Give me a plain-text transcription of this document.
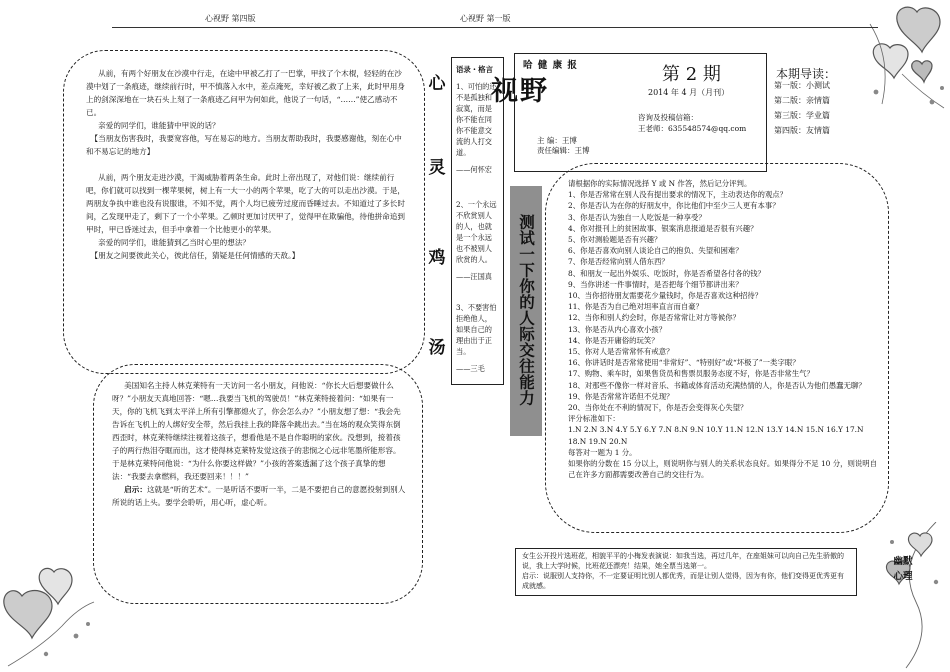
心视野 第四版	心视野 第一版

从前，有两个好朋友在沙漠中行走，在途中甲被乙打了一巴掌，甲找了个木棍，轻轻的在沙漠中划了一条痕迹，继续前行时，甲不慎落入水中，差点淹死，幸好被乙救了上来，此时甲用身上的剑深深地在一块石头上刻了一条痕迹乙问甲为何如此，他说了一句话，“……”使乙感动不已。

亲爱的同学们，谁能猜中甲说的话？

【当朋友伤害我时，我要宽容他，写在易忘的地方。当朋友帮助我时，我要感谢他，刻在心中和不易忘记的地方】

从前，两个朋友走进沙漠，干渴威胁着两条生命。此时上帝出现了，对他们说：继续前行吧，你们就可以找到一棵苹果树，树上有一大一小的两个苹果，吃了大的可以走出沙漠。于是，两朋友争执中谁也没有说服谁，不知不觉，两个人均已疲劳过度而昏睡过去。不知道过了多长时间，乙发现甲走了，剩下了一个小苹果。乙顿时更加讨厌甲了，觉得甲在欺骗他，待他拼命追到甲时，甲已昏迷过去，但手中拿着一个比他更小的苹果。

亲爱的同学们，谁能猜到乙当时心里的想法？

【朋友之间要彼此关心，彼此信任，猜疑是任何情感的天敌。】

美国知名主持人林克莱特有一天访问一名小朋友，问他说：“你长大后想要做什么呀？”小朋友天真地回答：“嗯…我要当飞机的驾驶员！”林克莱特接着问：“如果有一天，你的飞机飞到太平洋上所有引擎都熄火了，你会怎么办？”小朋友想了想：“我会先告诉在飞机上的人绑好安全带，然后我挂上我的降落伞跳出去。”当在场的观众笑得东倒西歪时，林克莱特继续注视着这孩子，想看他是不是自作聪明的家伙。没想到，接着孩子的两行热泪夺眶而出，这才使得林克莱特发觉这孩子的悲悯之心远非笔墨所能形容。于是林克莱特问他说：“为什么你要这样做？”小孩的答案透漏了这个孩子真挚的想法：“我要去拿燃料，我还要回来！！！”

启示：这就是“听的艺术”。一是听话不要听一半，二是不要把自己的意愿投射到别人所说的话上头。要学会聆听，用心听，虚心听。

心
灵
鸡
汤

语录・格言

1、可怕的还不是孤独和寂寞，而是你不能在同你不能意交流的人打交道。

——何怀宏

2、一个永远不欣赏别人的人，也就是一个永远也不被别人欣赏的人。

——汪国真

3、不要害怕拒绝他人，如果自己的理由出于正当。

——三毛

哈 健 康 报
视野
第 2 期
2014 年 4 月（月刊）
咨询及投稿信箱：
王老师：635548574@qq.com
主 编：王博
责任编辑：王博
本期导读：
第一版：小测试
第二版：亲情篇
第三版：学业篇
第四版：友情篇
测试一下你的人际交往能力

请根据你的实际情况选择 Y 或 N 作答，然后记分评判。

1、你是否常常在别人没有提出要求的情况下，主动表达你的观点？

2、你是否认为在你的好朋友中，你比他们中至少三人更有本事？

3、你是否认为独自一人吃饭是一种享受？

4、你对报刊上的贫困故事、银案消息报道是否很有兴趣？

5、你对测验题是否有兴趣？

6、你是否喜欢向别人谈论自己的抱负、失望和困难？

7、你是否经常向别人借东西？

8、和朋友一起出外娱乐、吃饭时，你是否希望各付各的钱？

9、当你讲述一件事情时，是否把每个细节都讲出来？

10、当你招待朋友需要花少量钱时，你是否喜欢这种招待？

11、你是否为自己绝对坦率直言而自豪？

12、当你和别人约会时，你是否常常让对方等候你？

13、你是否从内心喜欢小孩？

14、你是否开庸俗的玩笑？

15、你对人是否常常怀有戒意？

16、你讲话时是否常常使用“非常好”、“特别好”或“坏极了”一类字眼？

17、购物、乘车时，如果售货员和售票员服务态度不好，你是否非常生气？

18、对那些不像你一样对音乐、书籍或体育活动充满热情的人，你是否认为他们愚蠢无聊？

19、你是否常常许诺但不兑现？

20、当你处在不利的情况下，你是否会变得灰心失望？

评分标准如下：

1.N 2.N 3.N 4.Y 5.Y 6.Y 7.N 8.N 9.N 10.Y 11.N 12.N 13.Y 14.N 15.N 16.Y 17.N 18.N 19.N 20.N

每答对一题为 1 分。

如果你的分数在 15 分以上，则说明你与别人的关系状态良好。如果得分不足 10 分，则说明自己在许多方面都需要改善自己的交往行为。

女生公开投片选班花，相貌平平的小梅发表演说：如我当选，再过几年，在座姐妹可以向自己先生骄傲的说，我上大学时候，比班花还漂亮！结果，她全票当选第一。

启示：说服别人支持你，不一定要证明比别人都优秀，而是让别人觉得，因为有你，他们变得更优秀更有成就感。

幽默心理
